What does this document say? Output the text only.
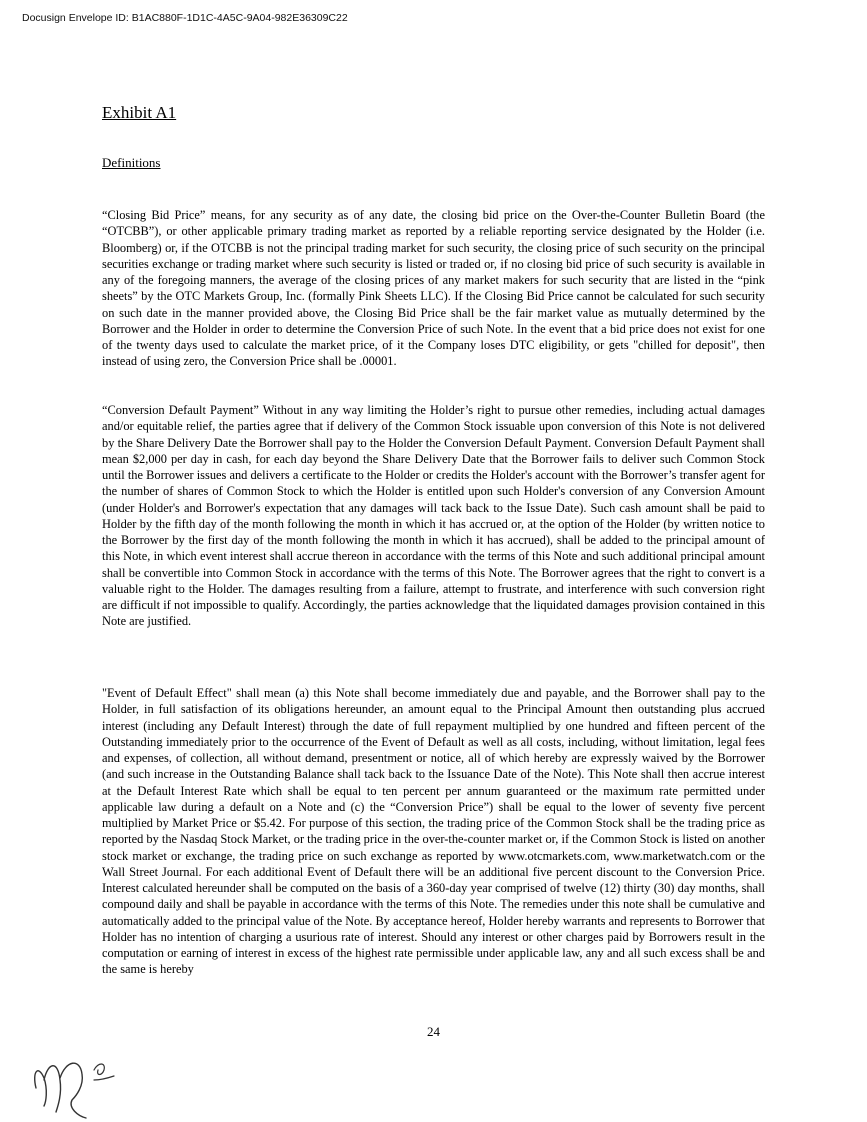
Docusign Envelope ID: B1AC880F-1D1C-4A5C-9A04-982E36309C22
Exhibit A1
Definitions

“Closing Bid Price” means, for any security as of any date, the closing bid price on the Over-the-Counter Bulletin Board (the “OTCBB”), or other applicable primary trading market as reported by a reliable reporting service designated by the Holder (i.e. Bloomberg) or, if the OTCBB is not the principal trading market for such security, the closing price of such security on the principal securities exchange or trading market where such security is listed or traded or, if no closing bid price of such security is available in any of the foregoing manners, the average of the closing prices of any market makers for such security that are listed in the “pink sheets” by the OTC Markets Group, Inc. (formally Pink Sheets LLC). If the Closing Bid Price cannot be calculated for such security on such date in the manner provided above, the Closing Bid Price shall be the fair market value as mutually determined by the Borrower and the Holder in order to determine the Conversion Price of such Note. In the event that a bid price does not exist for one of the twenty days used to calculate the market price, of it the Company loses DTC eligibility, or gets "chilled for deposit", then instead of using zero, the Conversion Price shall be .00001.

“Conversion Default Payment” Without in any way limiting the Holder’s right to pursue other remedies, including actual damages and/or equitable relief, the parties agree that if delivery of the Common Stock issuable upon conversion of this Note is not delivered by the Share Delivery Date the Borrower shall pay to the Holder the Conversion Default Payment. Conversion Default Payment shall mean $2,000 per day in cash, for each day beyond the Share Delivery Date that the Borrower fails to deliver such Common Stock until the Borrower issues and delivers a certificate to the Holder or credits the Holder's account with the Borrower’s transfer agent for the number of shares of Common Stock to which the Holder is entitled upon such Holder's conversion of any Conversion Amount (under Holder's and Borrower's expectation that any damages will tack back to the Issue Date). Such cash amount shall be paid to Holder by the fifth day of the month following the month in which it has accrued or, at the option of the Holder (by written notice to the Borrower by the first day of the month following the month in which it has accrued), shall be added to the principal amount of this Note, in which event interest shall accrue thereon in accordance with the terms of this Note and such additional principal amount shall be convertible into Common Stock in accordance with the terms of this Note. The Borrower agrees that the right to convert is a valuable right to the Holder. The damages resulting from a failure, attempt to frustrate, and interference with such conversion right are difficult if not impossible to qualify. Accordingly, the parties acknowledge that the liquidated damages provision contained in this Note are justified.

"Event of Default Effect" shall mean (a) this Note shall become immediately due and payable, and the Borrower shall pay to the Holder, in full satisfaction of its obligations hereunder, an amount equal to the Principal Amount then outstanding plus accrued interest (including any Default Interest) through the date of full repayment multiplied by one hundred and fifteen percent of the Outstanding immediately prior to the occurrence of the Event of Default as well as all costs, including, without limitation, legal fees and expenses, of collection, all without demand, presentment or notice, all of which hereby are expressly waived by the Borrower (and such increase in the Outstanding Balance shall tack back to the Issuance Date of the Note). This Note shall then accrue interest at the Default Interest Rate which shall be equal to ten percent per annum guaranteed or the maximum rate permitted under applicable law during a default on a Note and (c) the “Conversion Price”) shall be equal to the lower of seventy five percent multiplied by Market Price or $5.42. For purpose of this section, the trading price of the Common Stock shall be the trading price as reported by the Nasdaq Stock Market, or the trading price in the over-the-counter market or, if the Common Stock is listed on another stock market or exchange, the trading price on such exchange as reported by www.otcmarkets.com, www.marketwatch.com or the Wall Street Journal. For each additional Event of Default there will be an additional five percent discount to the Conversion Price. Interest calculated hereunder shall be computed on the basis of a 360-day year comprised of twelve (12) thirty (30) day months, shall compound daily and shall be payable in accordance with the terms of this Note. The remedies under this note shall be cumulative and automatically added to the principal value of the Note. By acceptance hereof, Holder hereby warrants and represents to Borrower that Holder has no intention of charging a usurious rate of interest. Should any interest or other charges paid by Borrowers result in the computation or earning of interest in excess of the highest rate permissible under applicable law, any and all such excess shall be and the same is hereby

24
